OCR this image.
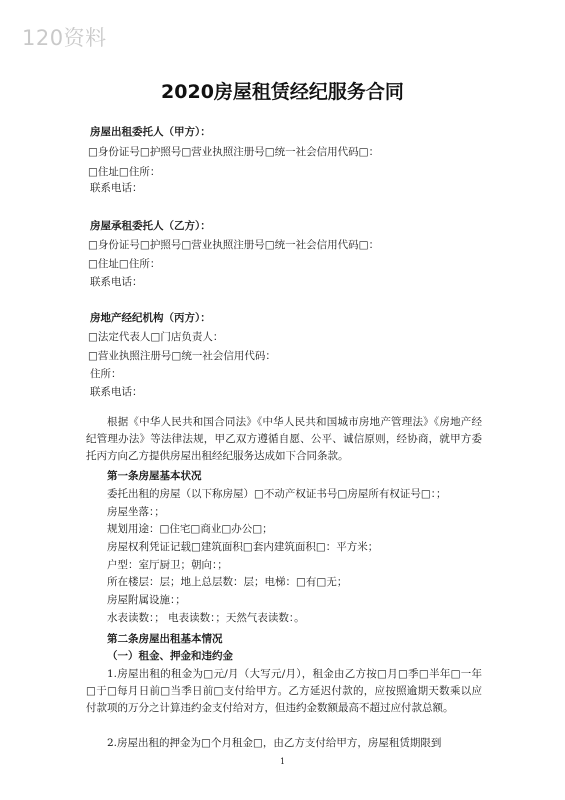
120资料
2020房屋租赁经纪服务合同
房屋出租委托人（甲方）：
□身份证号□护照号□营业执照注册号□统一社会信用代码□：
□住址□住所：
联系电话：
房屋承租委托人（乙方）：
□身份证号□护照号□营业执照注册号□统一社会信用代码□：
□住址□住所：
联系电话：
房地产经纪机构（丙方）：
□法定代表人□门店负责人：
□营业执照注册号□统一社会信用代码：
住所：
联系电话：
根据《中华人民共和国合同法》《中华人民共和国城市房地产管理法》《房地产经纪管理办法》等法律法规，甲乙双方遵循自愿、公平、诚信原则，经协商，就甲方委托丙方向乙方提供房屋出租经纪服务达成如下合同条款。
第一条房屋基本状况
委托出租的房屋（以下称房屋）□不动产权证书号□房屋所有权证号□：；
房屋坐落：；
规划用途：□住宅□商业□办公□；
房屋权利凭证记载□建筑面积□套内建筑面积□：平方米；
户型：室厅厨卫；朝向：；
所在楼层：层；地上总层数：层；电梯：□有□无；
房屋附属设施：；
水表读数：； 电表读数：；天然气表读数：。
第二条房屋出租基本情况
（一）租金、押金和违约金
1.房屋出租的租金为□元/月（大写元/月），租金由乙方按□月□季□半年□一年□于□每月日前□当季日前□支付给甲方。乙方延迟付款的，应按照逾期天数乘以应付款项的万分之计算违约金支付给对方，但违约金数额最高不超过应付款总额。
2.房屋出租的押金为□个月租金□，由乙方支付给甲方，房屋租赁期限到
1
